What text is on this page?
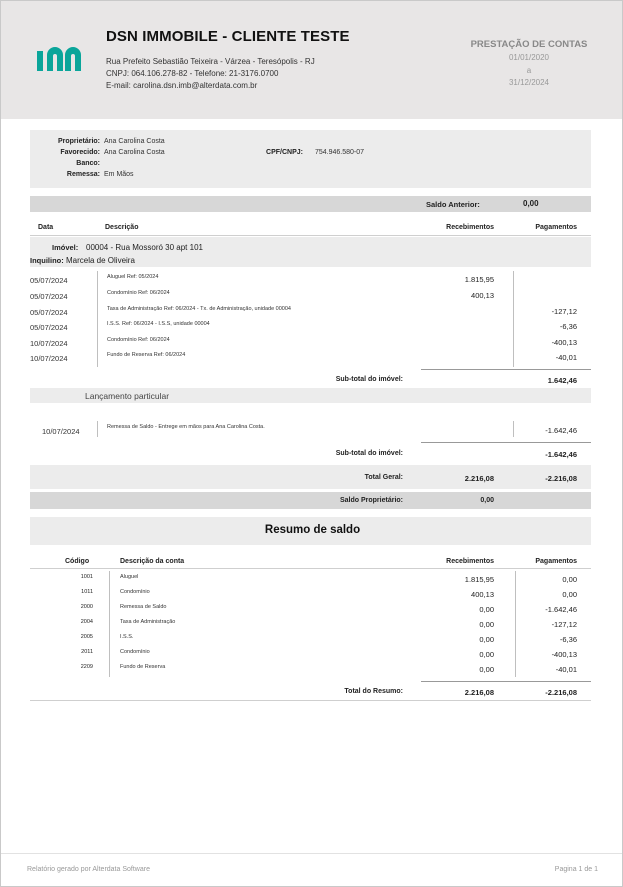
DSN IMMOBILE - CLIENTE TESTE
Rua Prefeito Sebastião Teixeira - Várzea - Teresópolis - RJ
CNPJ: 064.106.278-82 - Telefone: 21-3176.0700
E-mail: carolina.dsn.imb@alterdata.com.br
PRESTAÇÃO DE CONTAS
01/01/2020
a
31/12/2024
Proprietário: Ana Carolina Costa
Favorecido: Ana Carolina Costa
Banco:
Remessa: Em Mãos
CPF/CNPJ: 754.946.580-07
Saldo Anterior:	0,00
Data	Descrição	Recebimentos	Pagamentos
Imóvel: 00004 - Rua Mossoró 30 apt 101
Inquilino: Marcela de Oliveira
05/07/2024	Aluguel Ref: 05/2024	1.815,95
05/07/2024	Condomínio Ref: 06/2024	400,13
05/07/2024	Taxa de Administração Ref: 06/2024 - Tx. de Administração, unidade 00004	-127,12
05/07/2024	I.S.S. Ref: 06/2024 - I.S.S, unidade 00004	-6,36
10/07/2024	Condomínio Ref: 06/2024	-400,13
10/07/2024	Fundo de Reserva Ref: 06/2024	-40,01
Sub-total do imóvel:	1.642,46
Lançamento particular
10/07/2024	Remessa de Saldo - Entrege em mãos para Ana Carolina Costa.	-1.642,46
Sub-total do imóvel:	-1.642,46
Total Geral:	2.216,08	-2.216,08
Saldo Proprietário:	0,00
Resumo de saldo
Código	Descrição da conta	Recebimentos	Pagamentos
1001	Aluguel	1.815,95	0,00
1011	Condomínio	400,13	0,00
2000	Remessa de Saldo	0,00	-1.642,46
2004	Taxa de Administração	0,00	-127,12
2005	I.S.S.	0,00	-6,36
2011	Condomínio	0,00	-400,13
2209	Fundo de Reserva	0,00	-40,01
Total do Resumo:	2.216,08	-2.216,08
Relatório gerado por Alterdata Software	Pagina 1 de 1
